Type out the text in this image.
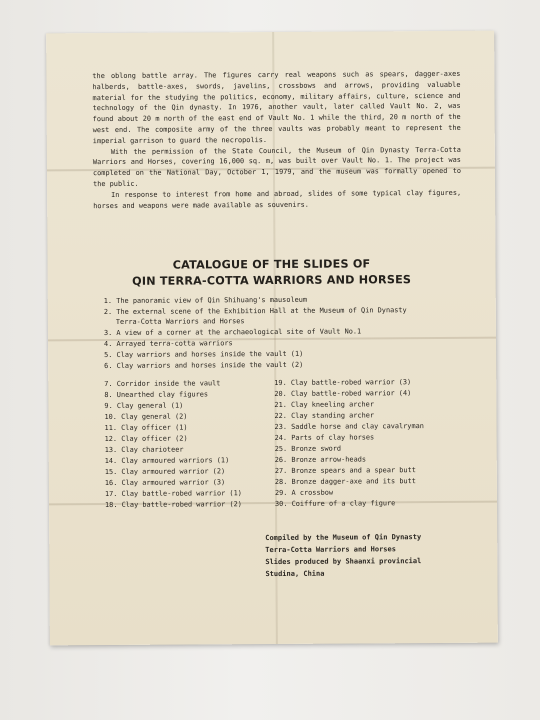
the oblong battle array. The figures carry real weapons such as spears, dagger-axes halberds, battle-axes, swords, javelins, crossbows and arrows, providing valuable material for the studying the politics, economy, military affairs, culture, science and technology of the Qin dynasty. In 1976, another vault, later called Vault No. 2, was found about 20 m north of the east end of Vault No. 1 while the third, 20 m north of the west end. The composite army of the three vaults was probably meant to represent the imperial garrison to guard the necropolis.

With the permission of the State Council, the Museum of Qin Dynasty Terra-Cotta Warriors and Horses, covering 16,000 sq. m, was built over Vault No. 1. The project was completed on the National Day, October 1, 1979, and the museum was formally opened to the public.

In response to interest from home and abroad, slides of some typical clay figures, horses and weapons were made available as souvenirs.

CATALOGUE OF THE SLIDES OF
QIN TERRA-COTTA WARRIORS AND HORSES
1. The panoramic view of Qin Shihuang's mausoleum
2. The external scene of the Exhibition Hall at the Museum of Qin Dynasty
Terra-Cotta Warriors and Horses
3. A view of a corner at the archaeological site of Vault No.1
4. Arrayed terra-cotta warriors
5. Clay warriors and horses inside the vault (1)
6. Clay warriors and horses inside the vault (2)
7. Corridor inside the vault
8. Unearthed clay figures
9. Clay general (1)
10. Clay general (2)
11. Clay officer (1)
12. Clay officer (2)
13. Clay charioteer
14. Clay armoured warriors (1)
15. Clay armoured warrior (2)
16. Clay armoured warrior (3)
17. Clay battle-robed warrior (1)
18. Clay battle-robed warrior (2)
19. Clay battle-robed warrior (3)
20. Clay battle-robed warrior (4)
21. Clay kneeling archer
22. Clay standing archer
23. Saddle horse and clay cavalryman
24. Parts of clay horses
25. Bronze sword
26. Bronze arrow-heads
27. Bronze spears and a spear butt
28. Bronze dagger-axe and its butt
29. A crossbow
30. Coiffure of a clay figure
Compiled by the Museum of Qin Dynasty
Terra-Cotta Warriors and Horses
Slides produced by Shaanxi provincial
Studina, China
